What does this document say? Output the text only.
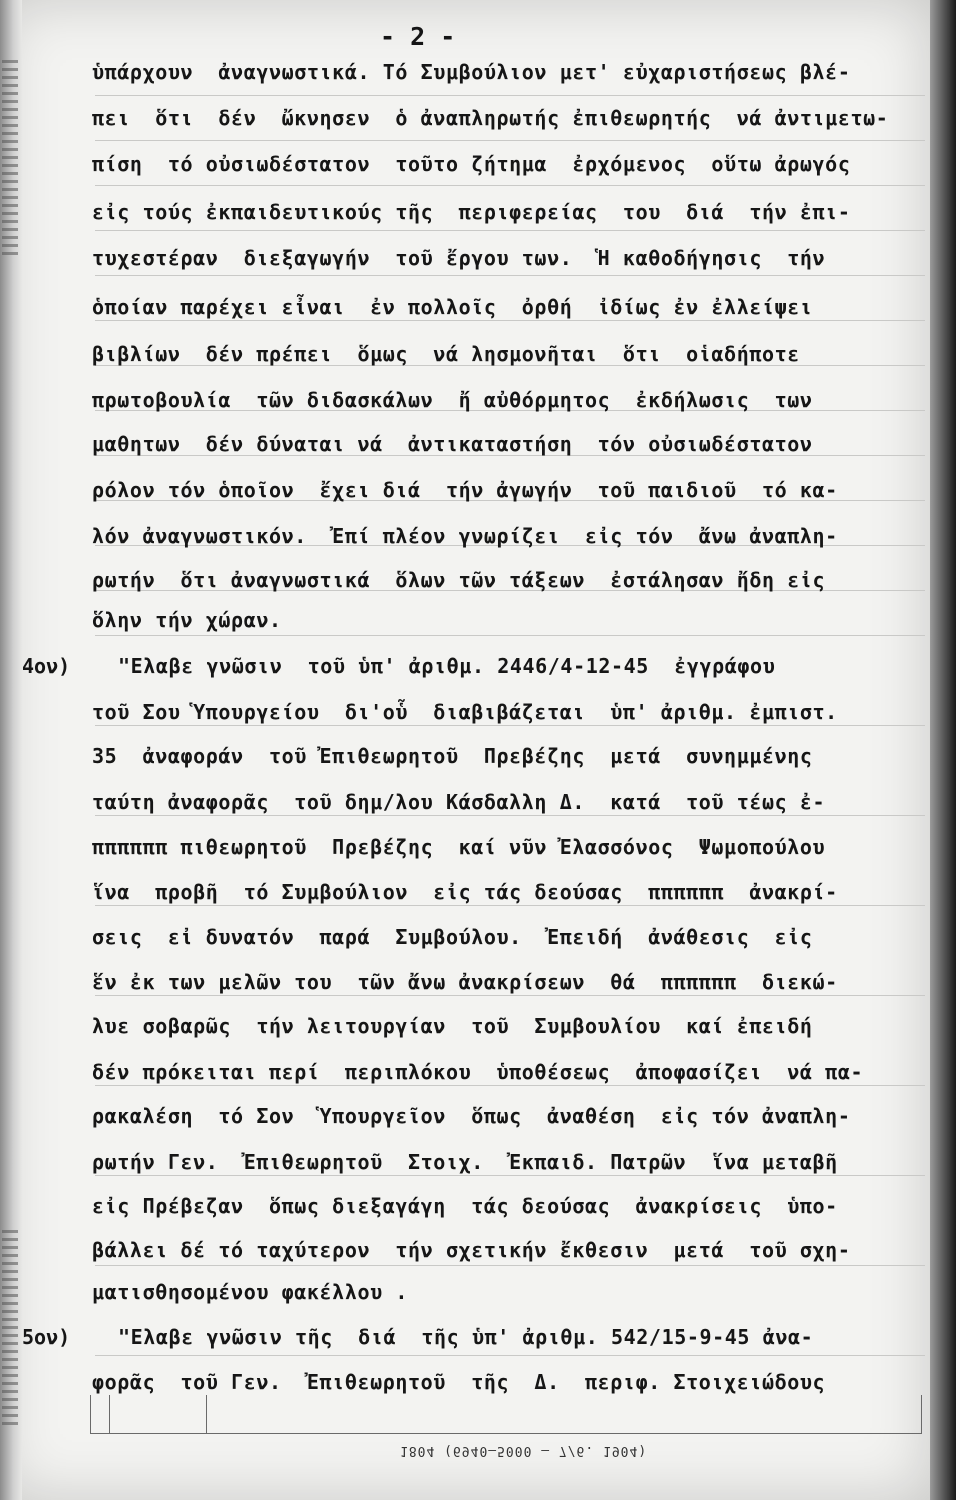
- 2 -
ὑπάρχουν  ἀναγνωστικά. Τό Συμβούλιον μετ' εὐχαριστήσεως βλέ-
πει  ὅτι  δέν  ὤκνησεν  ὁ ἀναπληρωτής ἐπιθεωρητής  νά ἀντιμετω-
πίση  τό οὐσιωδέστατον  τοῦτο ζήτημα  ἐρχόμενος  οὕτω ἀρωγός
εἰς τούς ἐκπαιδευτικούς τῆς  περιφερείας  του  διά  τήν ἐπι-
τυχεστέραν  διεξαγωγήν  τοῦ ἔργου των.  Ἡ καθοδήγησις  τήν
ὁποίαν παρέχει εἶναι  ἐν πολλοῖς  ὀρθή  ἰδίως ἐν ἐλλείψει
βιβλίων  δέν πρέπει  ὅμως  νά λησμονῆται  ὅτι  οἱαδήποτε
πρωτοβουλία  τῶν διδασκάλων  ἤ αὐθόρμητος  ἐκδήλωσις  των
μαθητων  δέν δύναται νά  ἀντικαταστήση  τόν οὐσιωδέστατον
ρόλον τόν ὁποῖον  ἔχει διά  τήν ἀγωγήν  τοῦ παιδιοῦ  τό κα-
λόν ἀναγνωστικόν.  Ἐπί πλέον γνωρίζει  εἰς τόν  ἄνω ἀναπλη-
ρωτήν  ὅτι ἀναγνωστικά  ὅλων τῶν τάξεων  ἐστάλησαν ἤδη εἰς
ὅλην τήν χώραν.
4ον) "Ελαβε γνῶσιν  τοῦ ὑπ' ἀριθμ. 2446/4-12-45  ἐγγράφου
τοῦ Σου Ὑπουργείου  δι'οὗ  διαβιβάζεται  ὑπ' ἀριθμ. ἐμπιστ.
35  ἀναφοράν  τοῦ Ἐπιθεωρητοῦ  Πρεβέζης  μετά  συνημμένης
ταύτη ἀναφορᾶς  τοῦ δημ/λου Κάσδαλλη Δ.  κατά  τοῦ τέως ἐ-
ππππππ πιθεωρητοῦ  Πρεβέζης  καί νῦν Ἐλασσόνος  Ψωμοπούλου
ἵνα  προβῆ  τό Συμβούλιον  εἰς τάς δεούσας  ππππππ  ἀνακρί-
σεις  εἰ δυνατόν  παρά  Συμβούλου.  Ἐπειδή  ἀνάθεσις  εἰς
ἕν ἐκ των μελῶν του  τῶν ἄνω ἀνακρίσεων  θά  ππππππ  διεκώ-
λυε σοβαρῶς  τήν λειτουργίαν  τοῦ  Συμβουλίου  καί ἐπειδή
δέν πρόκειται περί  περιπλόκου  ὑποθέσεως  ἀποφασίζει  νά πα-
ρακαλέση  τό Σον  Ὑπουργεῖον  ὅπως  ἀναθέση  εἰς τόν ἀναπλη-
ρωτήν Γεν.  Ἐπιθεωρητοῦ  Στοιχ.  Ἐκπαιδ. Πατρῶν  ἵνα μεταβῆ
εἰς Πρέβεζαν  ὅπως διεξαγάγη  τάς δεούσας  ἀνακρίσεις  ὑπο-
βάλλει δέ τό ταχύτερον  τήν σχετικήν ἔκθεσιν  μετά  τοῦ σχη-
ματισθησομένου φακέλλου .
5ον) "Ελαβε γνῶσιν τῆς  διά  τῆς ὑπ' ἀριθμ. 542/15-9-45 ἀνα-
φορᾶς  τοῦ Γεν.  Ἐπιθεωρητοῦ  τῆς  Δ.  περιφ. Στοιχειώδους
1804 (6940—5000 — 7/6. 1904)
